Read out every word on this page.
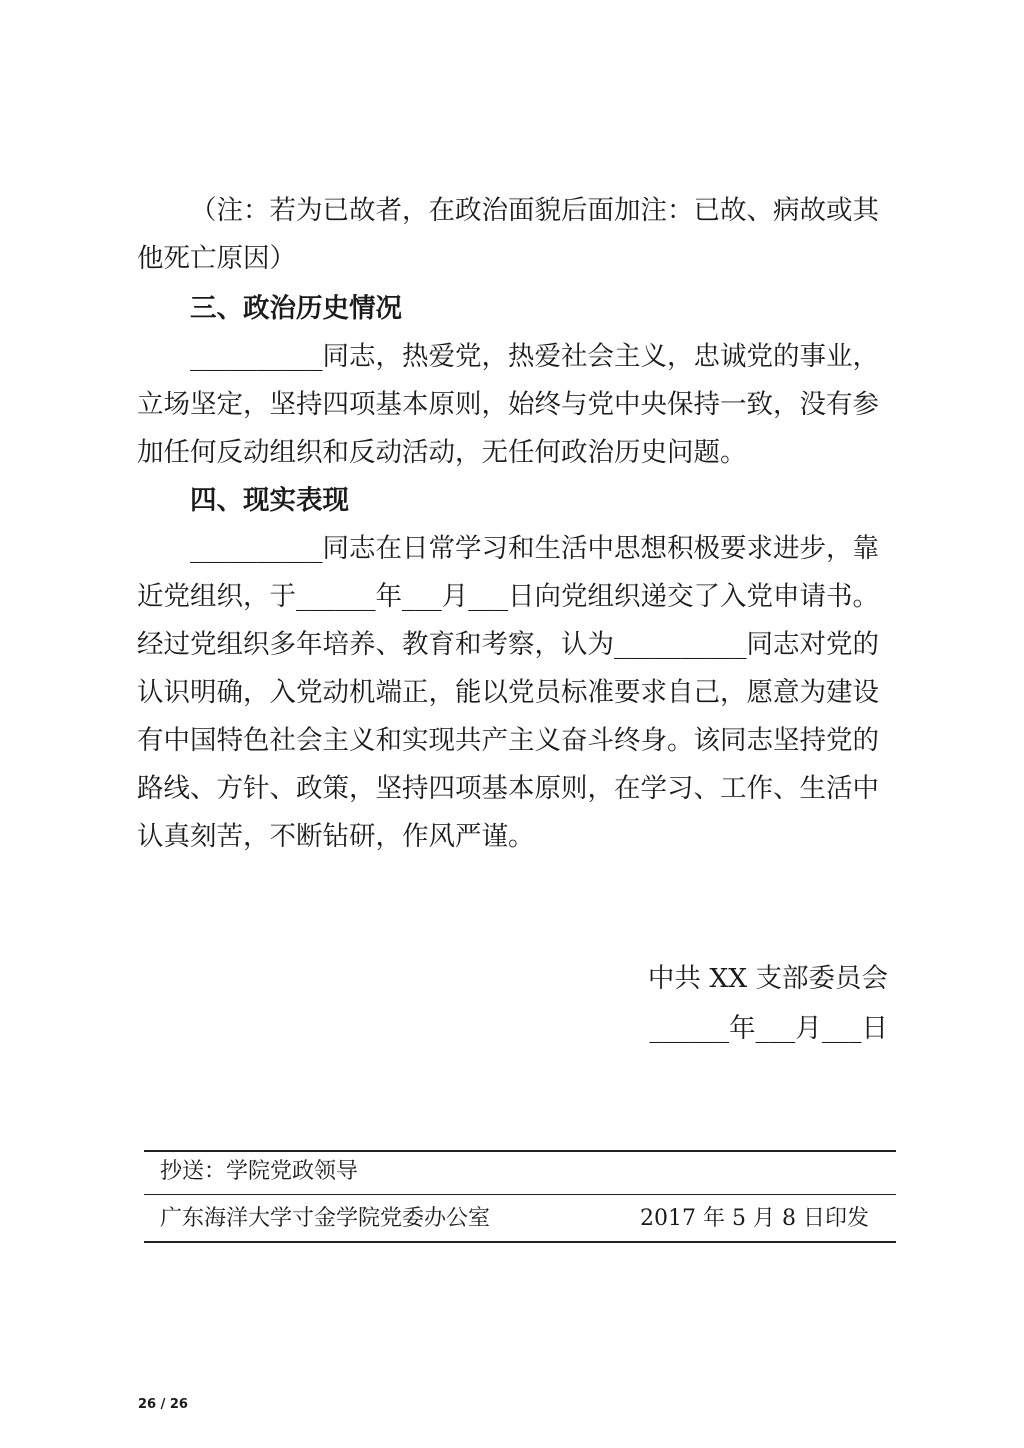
（注：若为已故者，在政治面貌后面加注：已故、病故或其
他死亡原因）
三、政治历史情况
__________同志，热爱党，热爱社会主义，忠诚党的事业，
立场坚定，坚持四项基本原则，始终与党中央保持一致，没有参
加任何反动组织和反动活动，无任何政治历史问题。
四、现实表现
__________同志在日常学习和生活中思想积极要求进步，靠
近党组织，于______年___月___日向党组织递交了入党申请书。
经过党组织多年培养、教育和考察，认为__________同志对党的
认识明确，入党动机端正，能以党员标准要求自己，愿意为建设
有中国特色社会主义和实现共产主义奋斗终身。该同志坚持党的
路线、方针、政策，坚持四项基本原则，在学习、工作、生活中
认真刻苦，不断钻研，作风严谨。
中共 XX 支部委员会
______年___月___日
抄送：学院党政领导
广东海洋大学寸金学院党委办公室	2017 年 5 月 8 日印发
26 / 26
